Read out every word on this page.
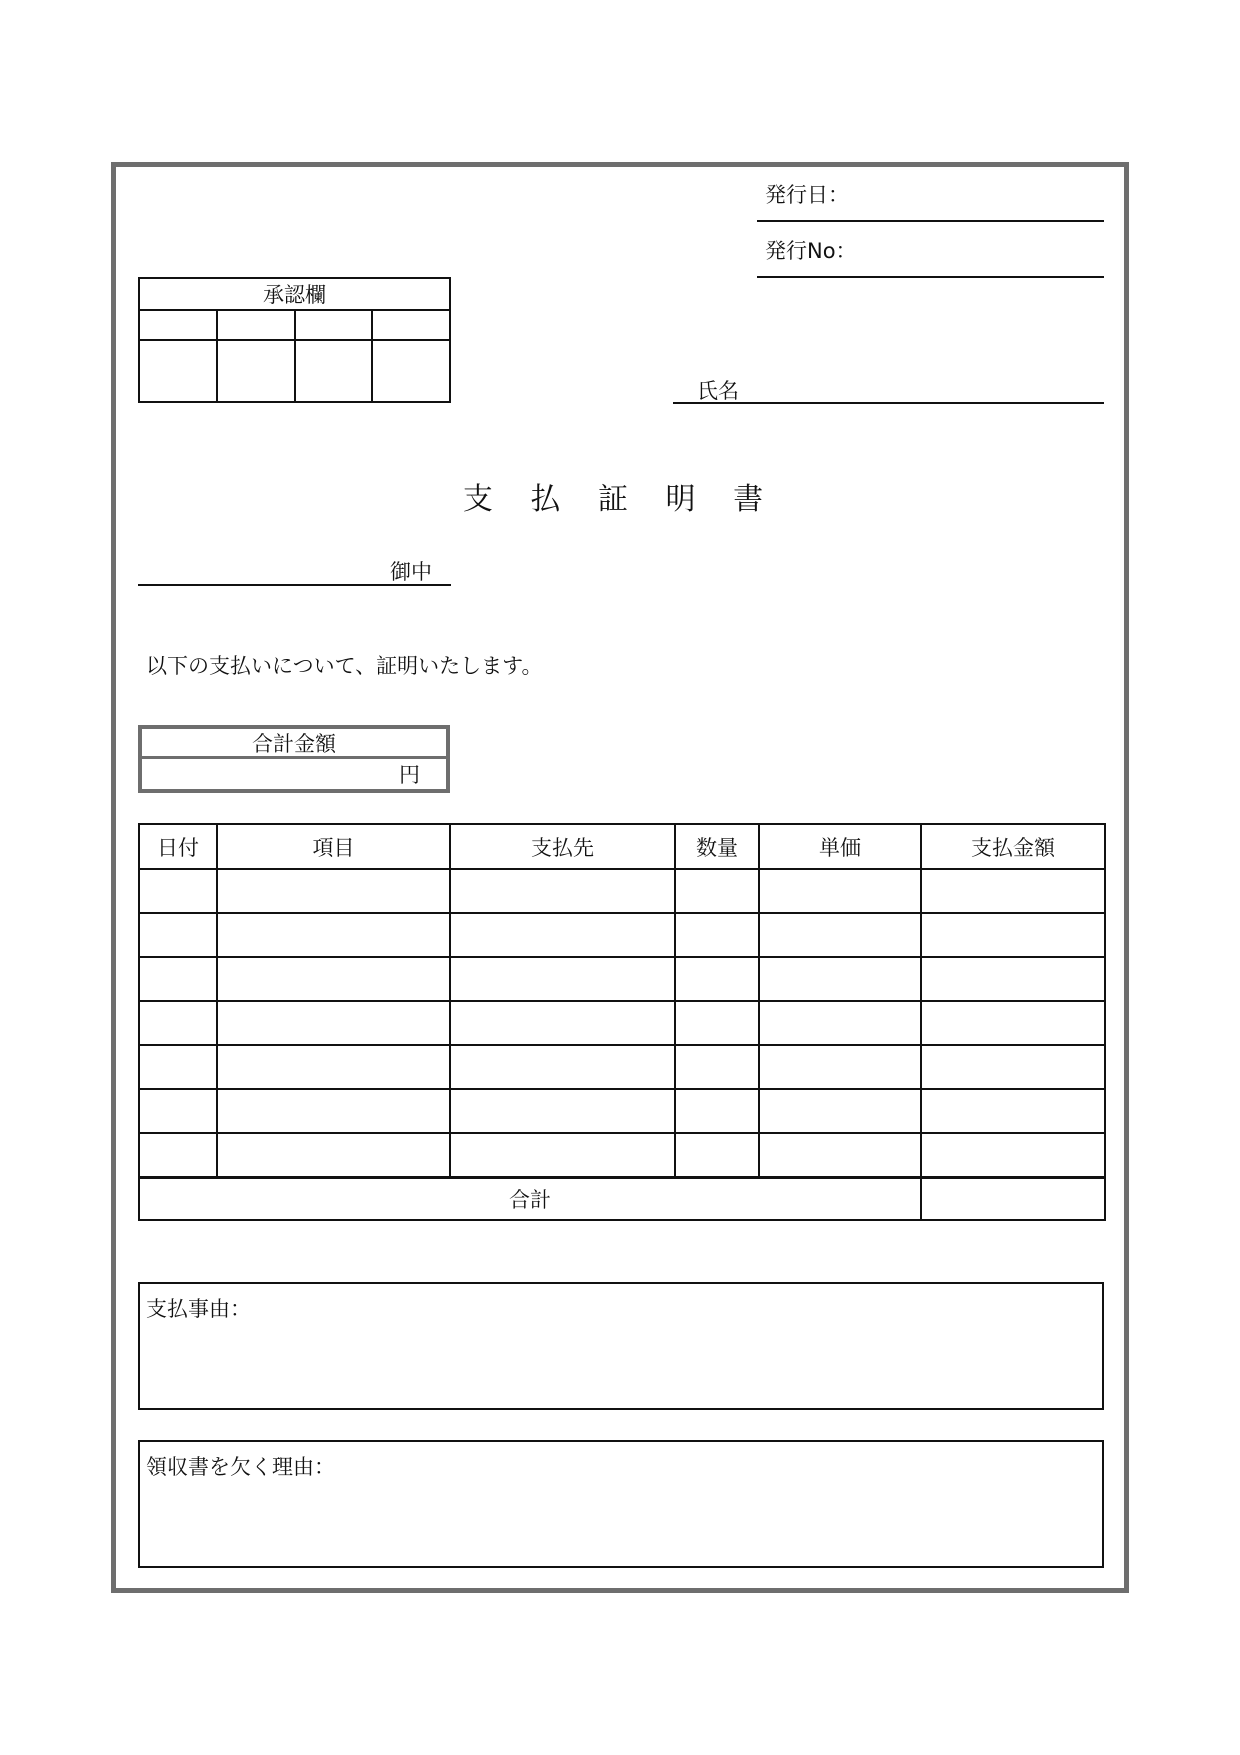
発行日：
発行No：
承認欄			

氏名
支 払 証 明 書
御中
以下の支払いについて、証明いたします。
合計金額
円
日付	項目	支払先	数量	単価	支払金額

合計	
支払事由：
領収書を欠く理由：
